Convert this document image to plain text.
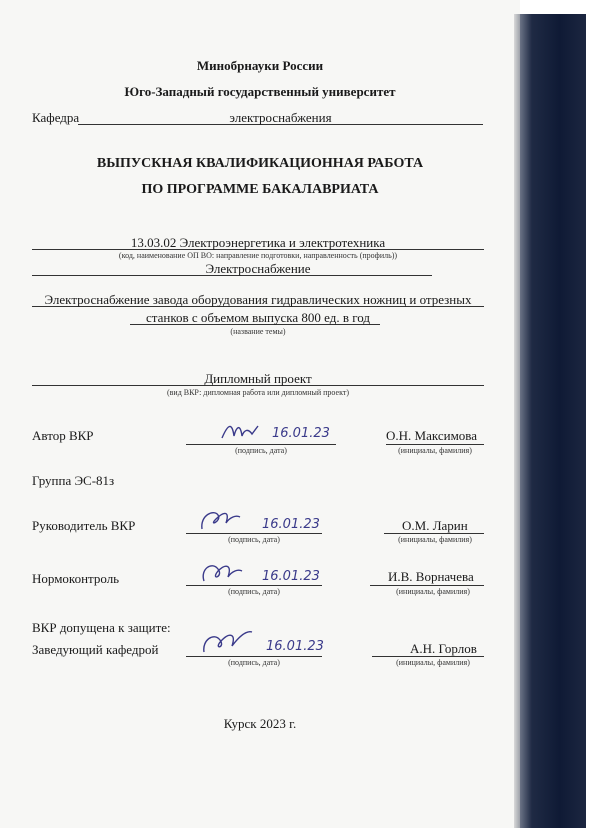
Минобрнауки России
Юго-Западный государственный университет
Кафедра	электроснабжения
ВЫПУСКНАЯ КВАЛИФИКАЦИОННАЯ РАБОТА
ПО ПРОГРАММЕ БАКАЛАВРИАТА
13.03.02 Электроэнергетика и электротехника
(код, наименование ОП ВО: направление подготовки, направленность (профиль))
Электроснабжение
Электроснабжение завода оборудования гидравлических ножниц и отрезных
станков с объемом выпуска 800 ед. в год
(название темы)
Дипломный проект
(вид ВКР: дипломная работа или дипломный проект)
Автор ВКР	16.01.23
(подпись, дата)
О.Н. Максимова
(инициалы, фамилия)
Группа ЭС-81з
Руководитель ВКР	16.01.23
(подпись, дата)
О.М. Ларин
(инициалы, фамилия)
Нормоконтроль	16.01.23
(подпись, дата)
И.В. Ворначева
(инициалы, фамилия)
ВКР допущена к защите:
Заведующий кафедрой	16.01.23
(подпись, дата)
А.Н. Горлов
(инициалы, фамилия)
Курск 2023 г.
